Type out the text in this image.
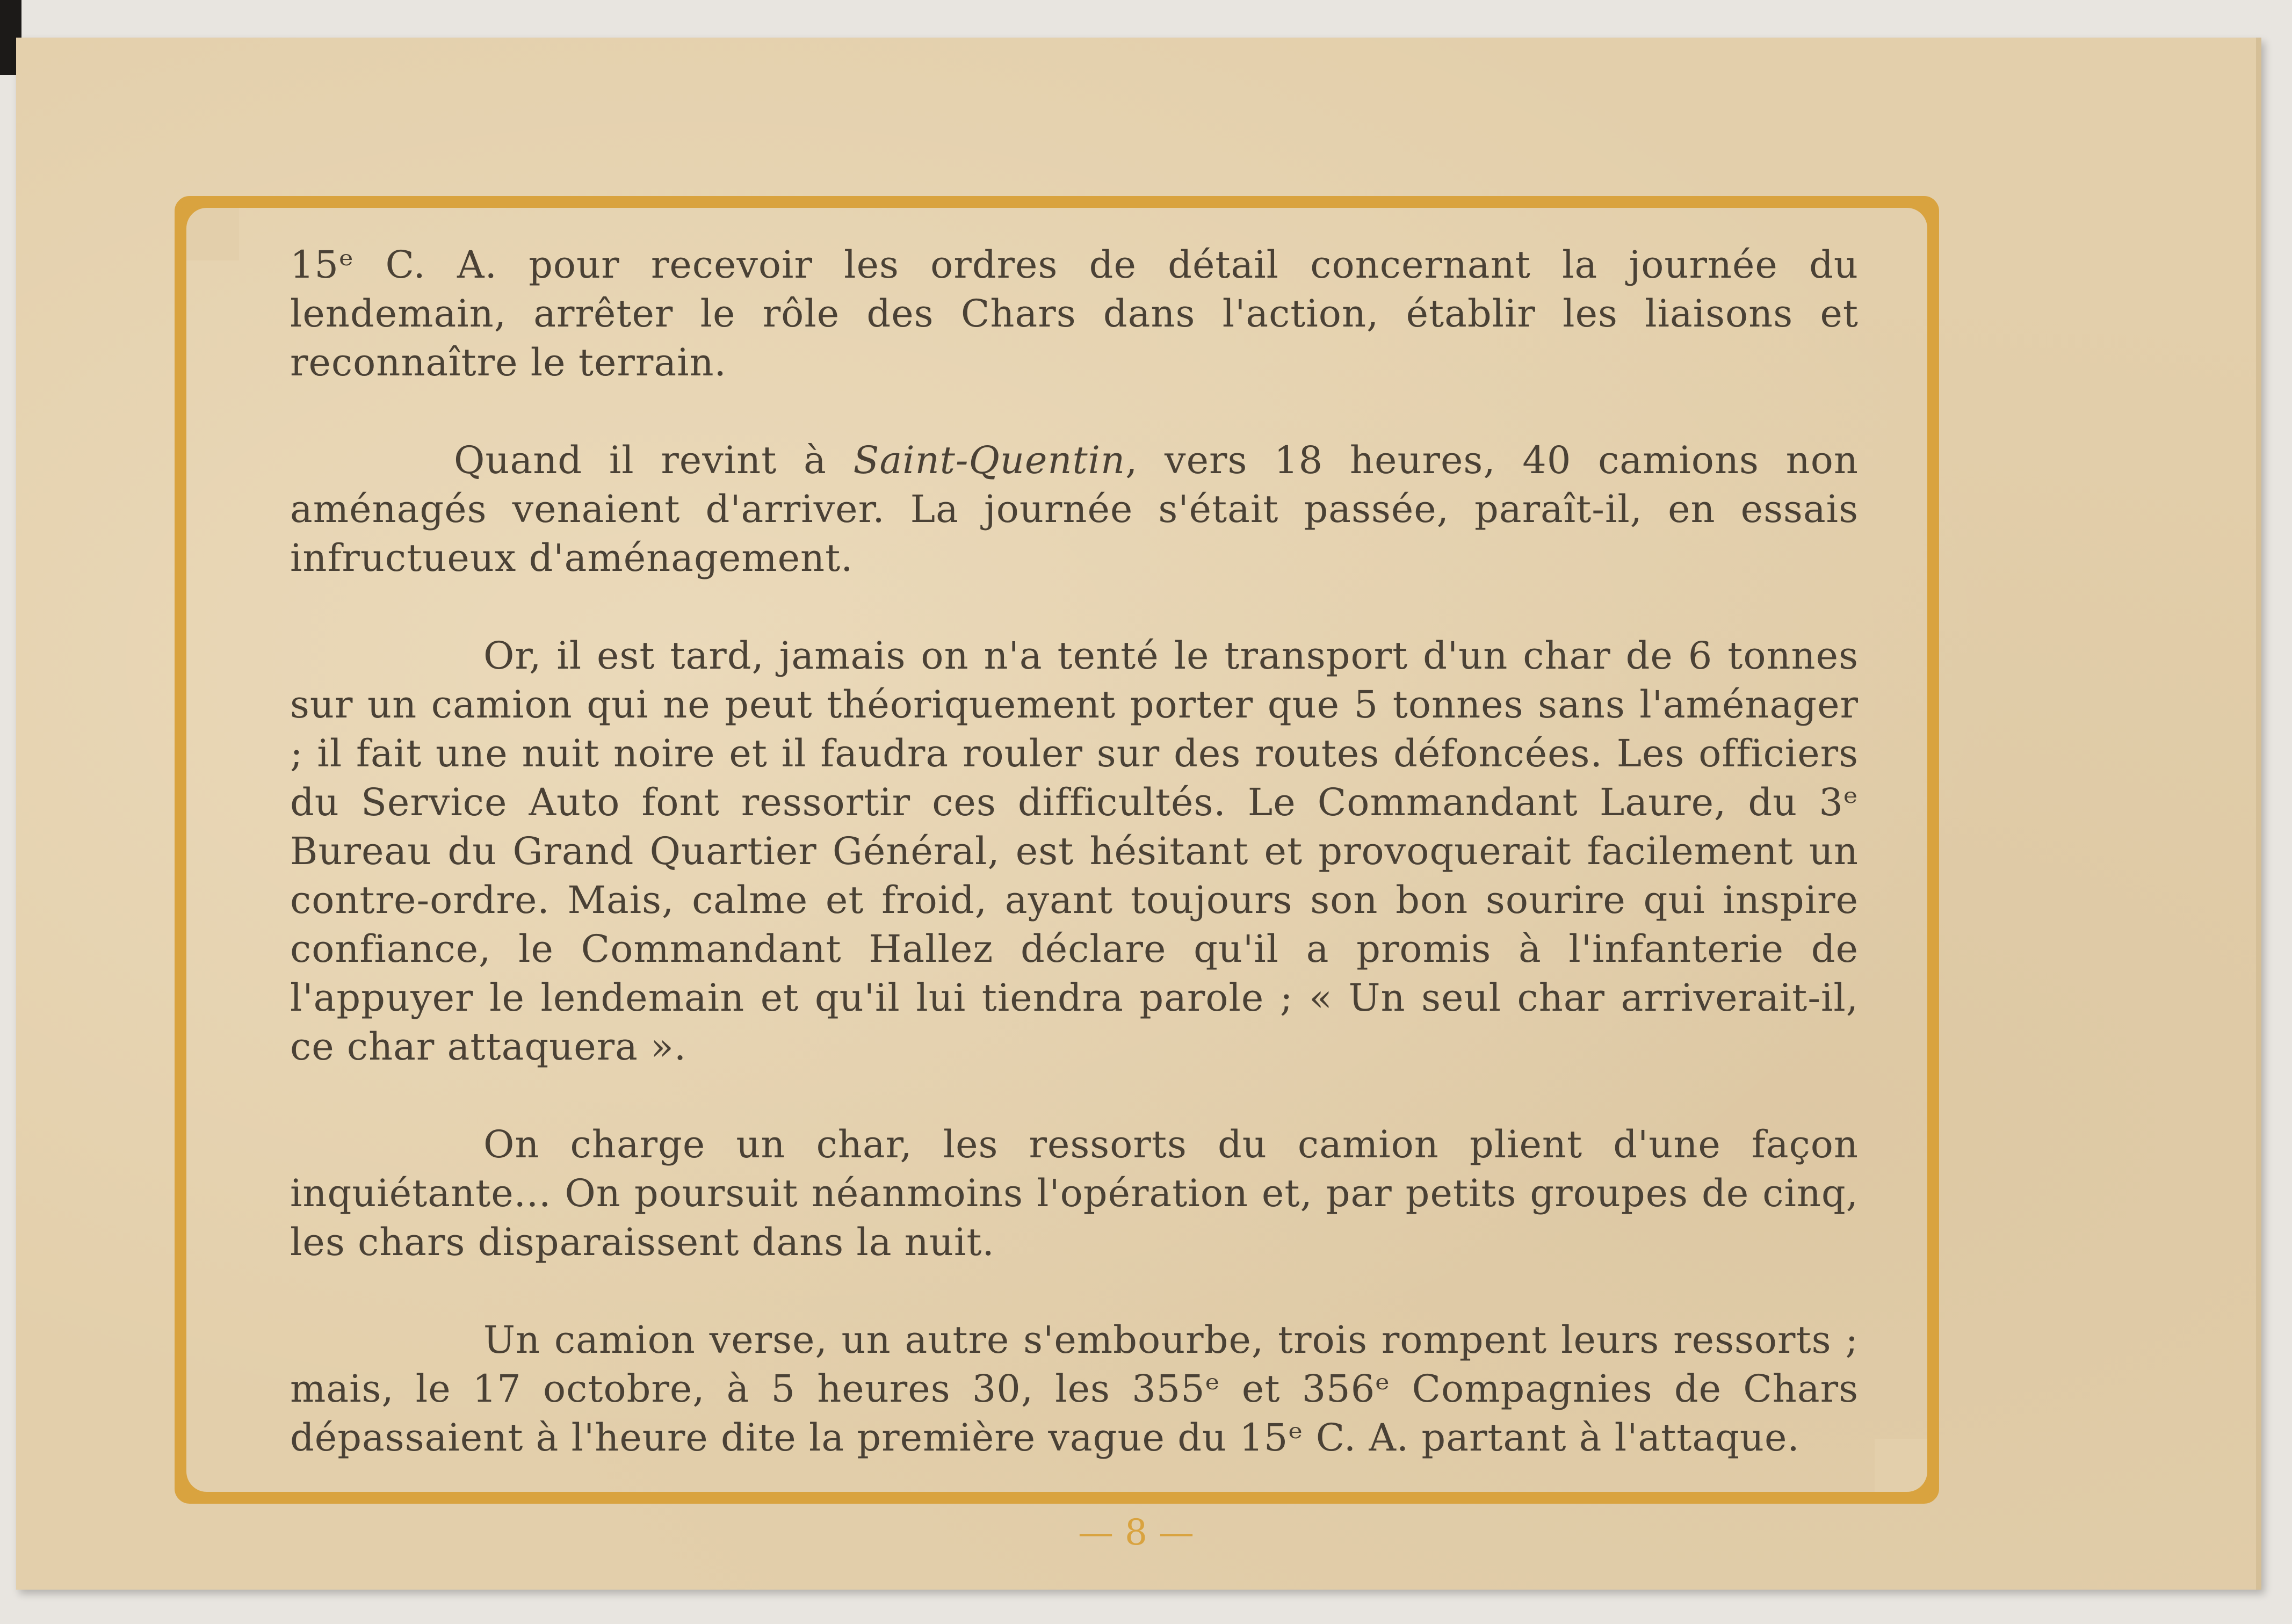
15ᵉ C. A. pour recevoir les ordres de détail concernant la journée du lendemain, arrêter le rôle des Chars dans l'action, établir les liaisons et reconnaître le terrain.

Quand il revint à Saint-Quentin, vers 18 heures, 40 camions non aménagés venaient d'arriver. La journée s'était passée, paraît-il, en essais infructueux d'aménagement.

Or, il est tard, jamais on n'a tenté le transport d'un char de 6 tonnes sur un camion qui ne peut théoriquement porter que 5 tonnes sans l'aménager ; il fait une nuit noire et il faudra rouler sur des routes défoncées. Les officiers du Service Auto font ressortir ces difficultés. Le Commandant Laure, du 3ᵉ Bureau du Grand Quartier Général, est hésitant et provoquerait facilement un contre-ordre. Mais, calme et froid, ayant toujours son bon sourire qui inspire confiance, le Commandant Hallez déclare qu'il a promis à l'infanterie de l'appuyer le lendemain et qu'il lui tiendra parole ; « Un seul char arriverait-il, ce char attaquera ».

On charge un char, les ressorts du camion plient d'une façon inquiétante... On poursuit néanmoins l'opération et, par petits groupes de cinq, les chars disparaissent dans la nuit.

Un camion verse, un autre s'embourbe, trois rompent leurs ressorts ; mais, le 17 octobre, à 5 heures 30, les 355ᵉ et 356ᵉ Compagnies de Chars dépassaient à l'heure dite la première vague du 15ᵉ C. A. partant à l'attaque.

— 8 —
